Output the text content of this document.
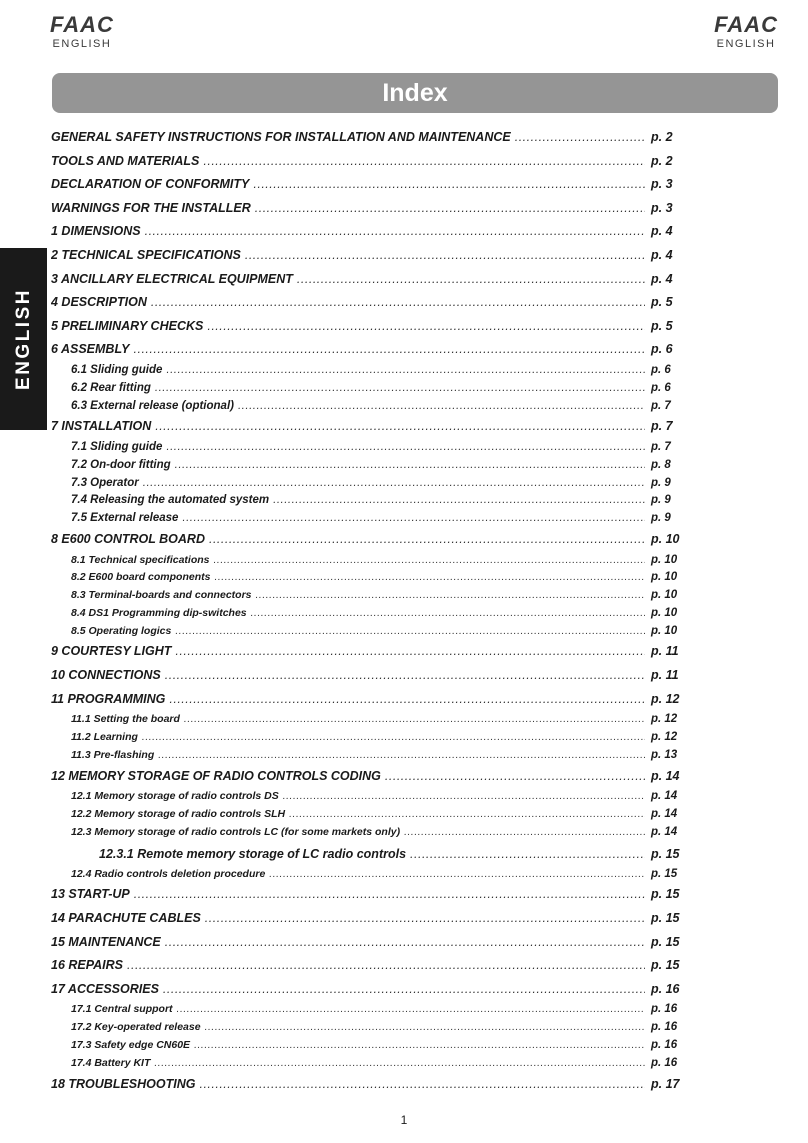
FAAC
ENGLISH
FAAC
ENGLISH
Index
ENGLISH
GENERAL SAFETY INSTRUCTIONS FOR INSTALLATION AND MAINTENANCE .....	p. 2
TOOLS AND MATERIALS .....	p. 2
DECLARATION OF CONFORMITY .....	p. 3
WARNINGS FOR THE INSTALLER .....	p. 3
1 DIMENSIONS .....	p. 4
2 TECHNICAL SPECIFICATIONS .....	p. 4
3 ANCILLARY ELECTRICAL EQUIPMENT .....	p. 4
4 DESCRIPTION .....	p. 5
5 PRELIMINARY CHECKS .....	p. 5
6 ASSEMBLY .....	p. 6
6.1 Sliding guide .....	p. 6
6.2 Rear fitting .....	p. 6
6.3 External release (optional) .....	p. 7
7 INSTALLATION .....	p. 7
7.1 Sliding guide .....	p. 7
7.2 On-door fitting .....	p. 8
7.3 Operator .....	p. 9
7.4 Releasing the automated system .....	p. 9
7.5 External release .....	p. 9
8 E600 CONTROL BOARD .....	p. 10
8.1 Technical specifications .....	p. 10
8.2 E600 board components .....	p. 10
8.3 Terminal-boards and connectors .....	p. 10
8.4 DS1 Programming dip-switches .....	p. 10
8.5 Operating logics .....	p. 10
9 COURTESY LIGHT .....	p. 11
10 CONNECTIONS .....	p. 11
11 PROGRAMMING .....	p. 12
11.1 Setting the board .....	p. 12
11.2 Learning .....	p. 12
11.3 Pre-flashing .....	p. 13
12 MEMORY STORAGE OF RADIO CONTROLS CODING .....	p. 14
12.1 Memory storage of radio controls DS .....	p. 14
12.2 Memory storage of radio controls SLH .....	p. 14
12.3 Memory storage of radio controls LC (for some markets only) .....	p. 14
12.3.1 Remote memory storage of LC radio controls .....	p. 15
12.4 Radio controls deletion procedure .....	p. 15
13 START-UP .....	p. 15
14 PARACHUTE CABLES .....	p. 15
15 MAINTENANCE .....	p. 15
16 REPAIRS .....	p. 15
17 ACCESSORIES .....	p. 16
17.1 Central support .....	p. 16
17.2 Key-operated release .....	p. 16
17.3 Safety edge CN60E .....	p. 16
17.4 Battery KIT .....	p. 16
18 TROUBLESHOOTING .....	p. 17
1
